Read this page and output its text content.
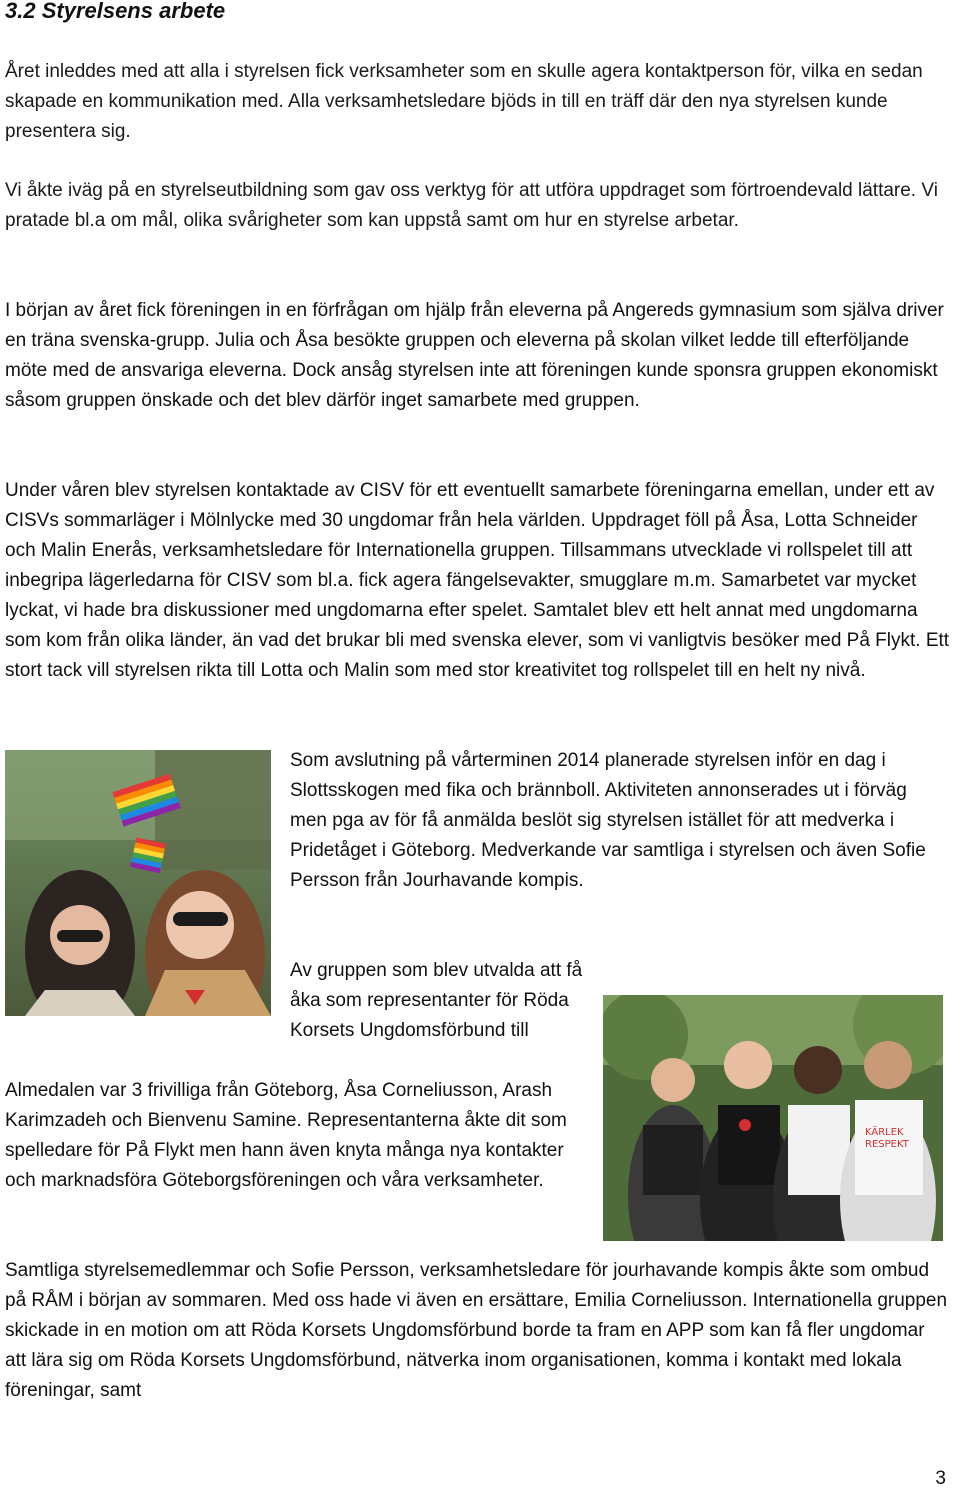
3.2 Styrelsens arbete

Året inleddes med att alla i styrelsen fick verksamheter som en skulle agera kontaktperson för, vilka en sedan skapade en kommunikation med. Alla verksamhetsledare bjöds in till en träff där den nya styrelsen kunde presentera sig.

Vi åkte iväg på en styrelseutbildning som gav oss verktyg för att utföra uppdraget som förtroendevald lättare. Vi pratade bl.a om mål, olika svårigheter som kan uppstå samt om hur en styrelse arbetar.

I början av året fick föreningen in en förfrågan om hjälp från eleverna på Angereds gymnasium som själva driver en träna svenska-grupp. Julia och Åsa besökte gruppen och eleverna på skolan vilket ledde till efterföljande möte med de ansvariga eleverna. Dock ansåg styrelsen inte att föreningen kunde sponsra gruppen ekonomiskt såsom gruppen önskade och det blev därför inget samarbete med gruppen.

Under våren blev styrelsen kontaktade av CISV för ett eventuellt samarbete föreningarna emellan, under ett av CISVs sommarläger i Mölnlycke med 30 ungdomar från hela världen. Uppdraget föll på Åsa, Lotta Schneider och Malin Enerås, verksamhetsledare för Internationella gruppen. Tillsammans utvecklade vi rollspelet till att inbegripa lägerledarna för CISV som bl.a. fick agera fängelsevakter, smugglare m.m. Samarbetet var mycket lyckat, vi hade bra diskussioner med ungdomarna efter spelet. Samtalet blev ett helt annat med ungdomarna som kom från olika länder, än vad det brukar bli med svenska elever, som vi vanligtvis besöker med På Flykt. Ett stort tack vill styrelsen rikta till Lotta och Malin som med stor kreativitet tog rollspelet till en helt ny nivå.

Som avslutning på vårterminen 2014 planerade styrelsen inför en dag i Slottsskogen med fika och brännboll. Aktiviteten annonserades ut i förväg men pga av för få anmälda beslöt sig styrelsen istället för att medverka i Pridetåget i Göteborg. Medverkande var samtliga i styrelsen och även Sofie Persson från Jourhavande kompis.

Av gruppen som blev utvalda att få åka som representanter för Röda Korsets Ungdomsförbund till

KÄRLEK
RESPEKT

Almedalen var 3 frivilliga från Göteborg, Åsa Corneliusson, Arash Karimzadeh och Bienvenu Samine. Representanterna åkte dit som spelledare för På Flykt men hann även knyta många nya kontakter och marknadsföra Göteborgsföreningen och våra verksamheter.

Samtliga styrelsemedlemmar och Sofie Persson, verksamhetsledare för jourhavande kompis åkte som ombud på RÅM i början av sommaren. Med oss hade vi även en ersättare, Emilia Corneliusson. Internationella gruppen skickade in en motion om att Röda Korsets Ungdomsförbund borde ta fram en APP som kan få fler ungdomar att lära sig om Röda Korsets Ungdomsförbund, nätverka inom organisationen, komma i kontakt med lokala föreningar, samt

3
